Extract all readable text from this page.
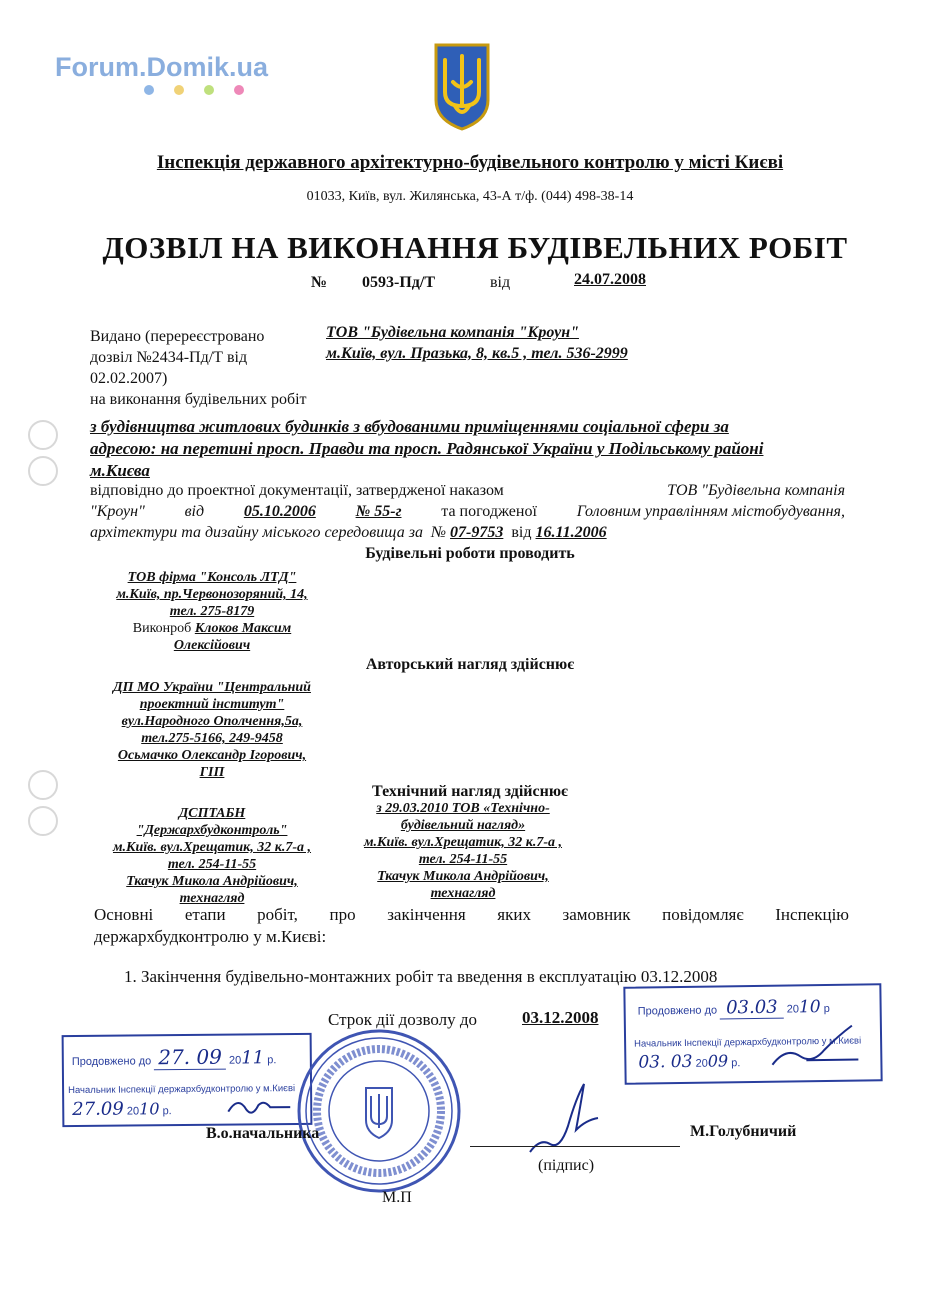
Forum.Domik.ua
Інспекція державного архітектурно-будівельного контролю у місті Києві
01033, Київ, вул. Жилянська, 43-А т/ф. (044) 498-38-14
ДОЗВІЛ НА ВИКОНАННЯ БУДІВЕЛЬНИХ РОБІТ
№ 0593-Пд/Т	від	24.07.2008
Видано (перереєстровано
дозвіл №2434-Пд/Т від
02.02.2007)
на виконання будівельних робіт
ТОВ "Будівельна компанія "Кроун"
м.Київ, вул. Празька, 8, кв.5 , тел. 536-2999
з будівництва житлових будинків з вбудованими приміщеннями соціальної сфери за
адресою: на перетині просп. Правди та просп. Радянської України у Подільському районі
м.Києва
відповідно до проектної документації, затвердженої наказом	ТОВ "Будівельна компанія
"Кроун" від 05.10.2006 № 55-г та погодженої Головним управлінням містобудування,
архітектури та дизайну міського середовища за № 07-9753 від 16.11.2006
Будівельні роботи проводить
ТОВ фірма "Консоль ЛТД"
м.Київ, пр.Червонозоряний, 14,
тел. 275-8179
Виконроб Клоков Максим
Олексійович
Авторський нагляд здійснює
ДП МО України "Центральний
проектний інститут"
вул.Народного Ополчення,5а,
тел.275-5166, 249-9458
Осьмачко Олександр Ігорович,
ГІП
Технічний нагляд здійснює
ДСПТАБН
"Держархбудконтроль"
м.Київ. вул.Хрещатик, 32 к.7-а ,
тел. 254-11-55
Ткачук Микола Андрійович,
технагляд
з 29.03.2010 ТОВ «Технічно-
будівельний нагляд»
м.Київ. вул.Хрещатик, 32 к.7-а ,
тел. 254-11-55
Ткачук Микола Андрійович,
технагляд
Основні етапи робіт, про закінчення яких замовник повідомляє Інспекцію
держархбудконтролю у м.Києві:
1. Закінчення будівельно-монтажних робіт та введення в експлуатацію 03.12.2008
Строк дії дозволу до	03.12.2008
Продовжено до 27. 09 2011 р.
Начальник Інспекції держархбудконтролю у м.Києві
27.09 2010 р.
Продовжено до 03.03 2010 р
Начальник Інспекції держархбудконтролю у м.Києві
03. 03 2009 р.
В.о.начальника
(підпис)
М.Голубничий
М.П
